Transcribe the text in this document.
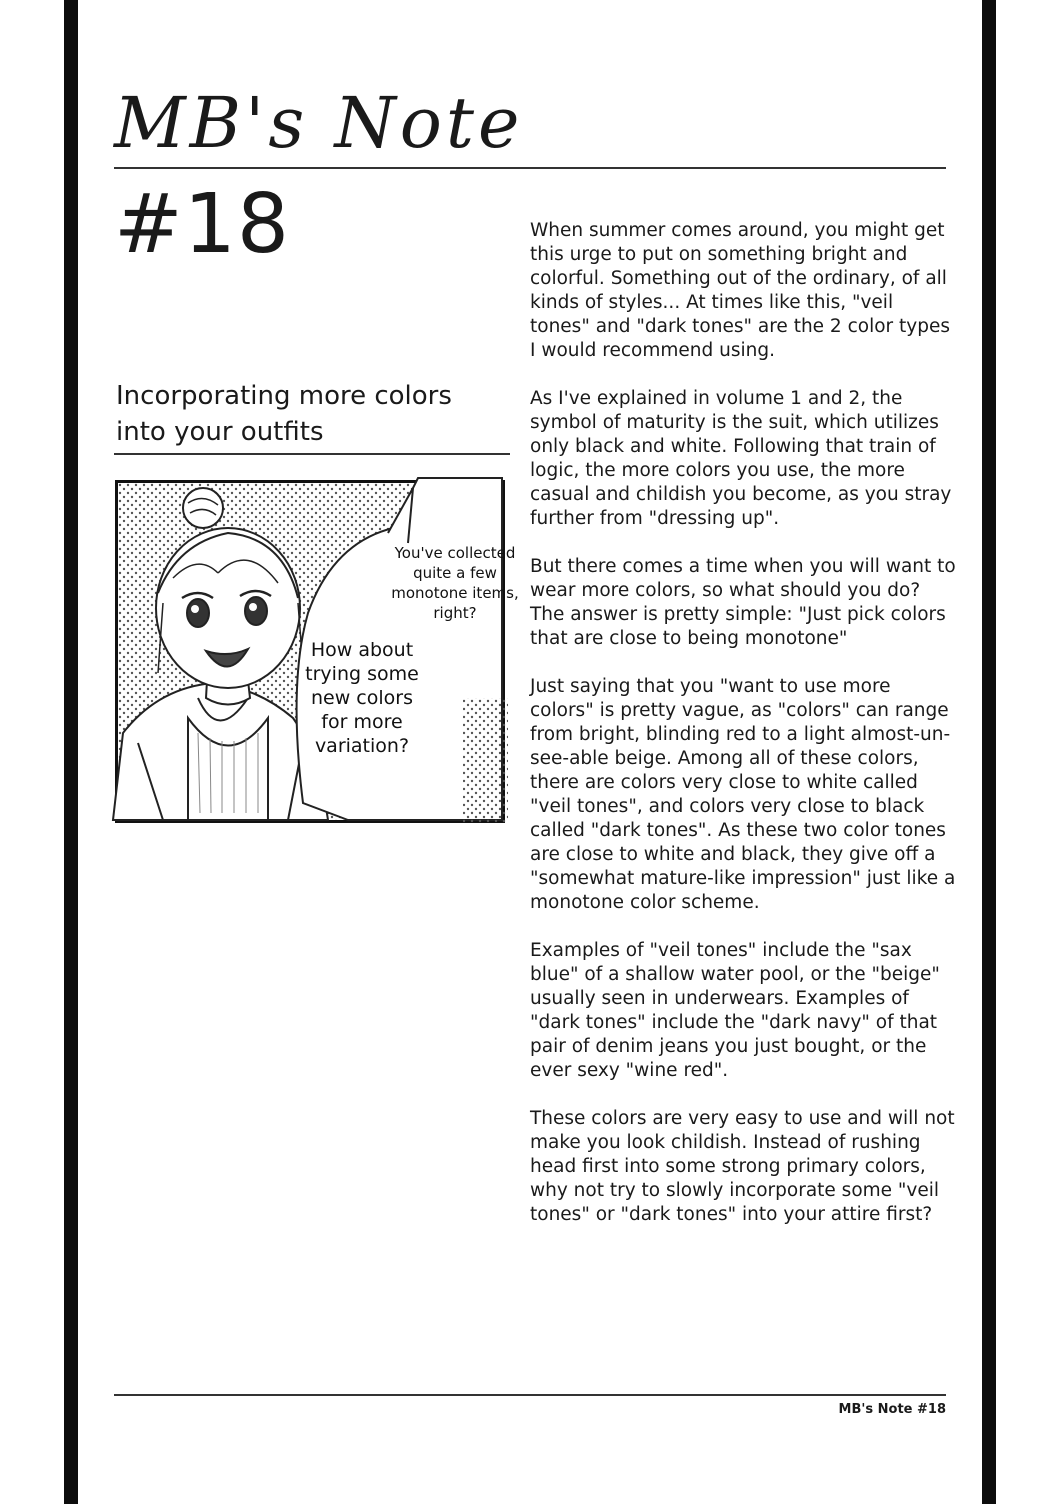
MB's Note
#18
Incorporating more colors into your outfits
You've collected quite a few monotone items, right?
How about trying some new colors for more variation?

When summer comes around, you might get this urge to put on something bright and colorful. Something out of the ordinary, of all kinds of styles... At times like this, "veil tones" and "dark tones" are the 2 color types I would recommend using.

As I've explained in volume 1 and 2, the symbol of maturity is the suit, which utilizes only black and white. Following that train of logic, the more colors you use, the more casual and childish you become, as you stray further from "dressing up".

But there comes a time when you will want to wear more colors, so what should you do? The answer is pretty simple: "Just pick colors that are close to being monotone"

Just saying that you "want to use more colors" is pretty vague, as "colors" can range from bright, blinding red to a light almost-un-see-able beige. Among all of these colors, there are colors very close to white called "veil tones", and colors very close to black called "dark tones". As these two color tones are close to white and black, they give off a "somewhat mature-like impression" just like a monotone color scheme.

Examples of "veil tones" include the "sax blue" of a shallow water pool, or the "beige" usually seen in underwears. Examples of "dark tones" include the "dark navy" of that pair of denim jeans you just bought, or the ever sexy "wine red".

These colors are very easy to use and will not make you look childish. Instead of rushing head first into some strong primary colors, why not try to slowly incorporate some "veil tones" or "dark tones" into your attire first?

MB's Note #18
